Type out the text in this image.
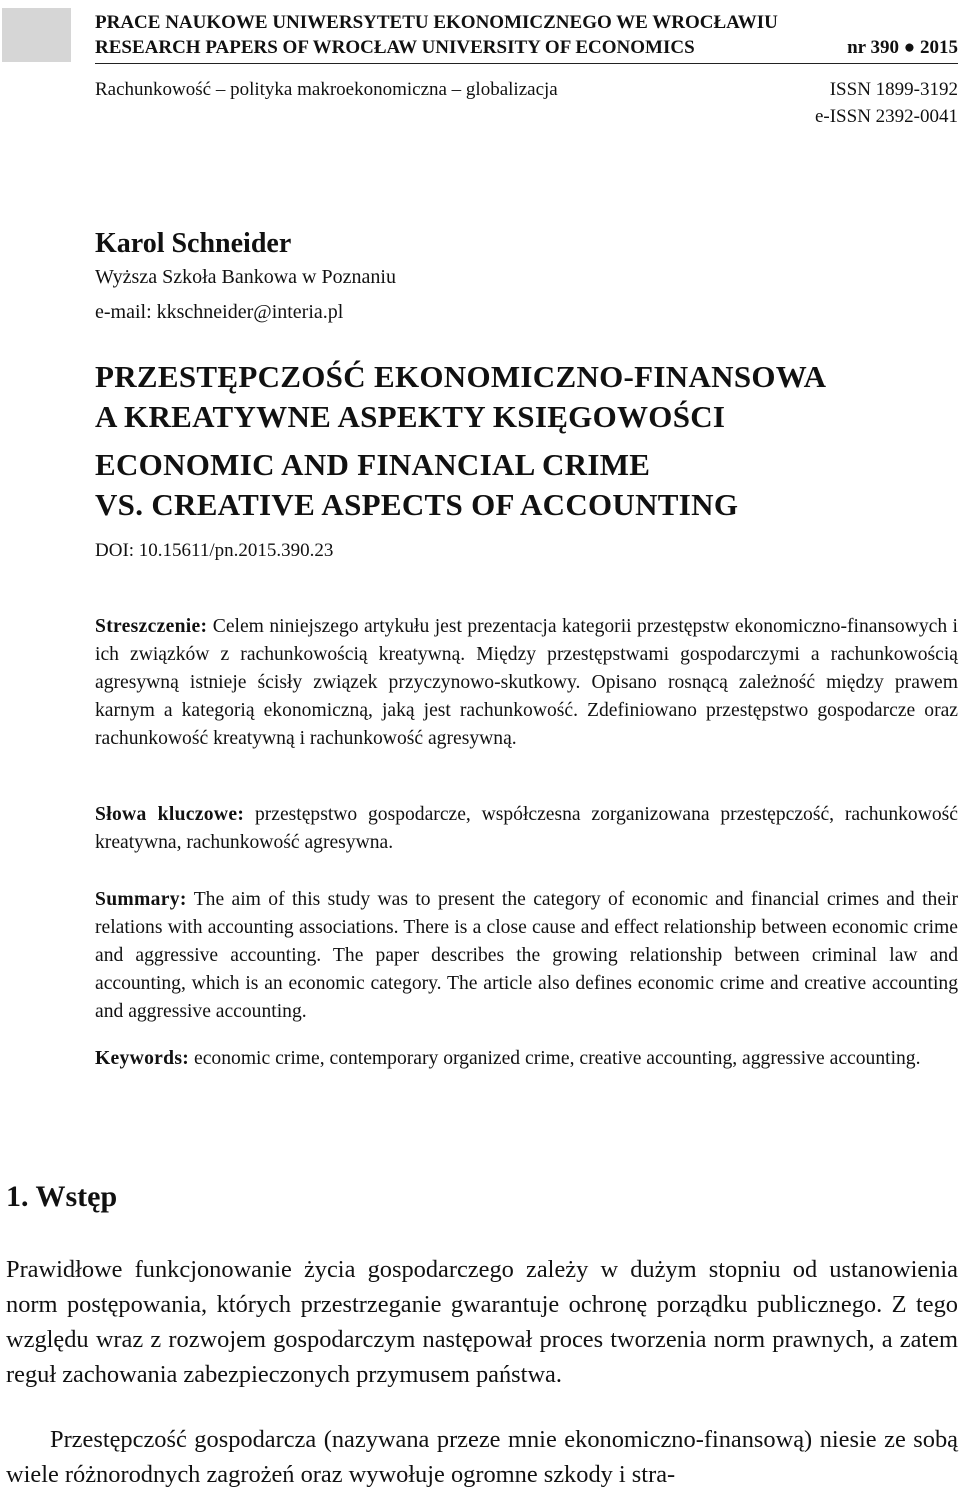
PRACE NAUKOWE UNIWERSYTETU EKONOMICZNEGO WE WROCŁAWIU
RESEARCH PAPERS OF WROCŁAW UNIVERSITY OF ECONOMICS	nr 390 ● 2015
Rachunkowość – polityka makroekonomiczna – globalizacja	ISSN 1899-3192
e-ISSN 2392-0041
Karol Schneider
Wyższa Szkoła Bankowa w Poznaniu
e-mail: kkschneider@interia.pl
PRZESTĘPCZOŚĆ EKONOMICZNO-FINANSOWA
A KREATYWNE ASPEKTY KSIĘGOWOŚCI
ECONOMIC AND FINANCIAL CRIME
VS. CREATIVE ASPECTS OF ACCOUNTING
DOI: 10.15611/pn.2015.390.23
Streszczenie: Celem niniejszego artykułu jest prezentacja kategorii przestępstw ekonomiczno-finansowych i ich związków z rachunkowością kreatywną. Między przestępstwami gospodarczymi a rachunkowością agresywną istnieje ścisły związek przyczynowo-skutkowy. Opisano rosnącą zależność między prawem karnym a kategorią ekonomiczną, jaką jest rachunkowość. Zdefiniowano przestępstwo gospodarcze oraz rachunkowość kreatywną i rachunkowość agresywną.
Słowa kluczowe: przestępstwo gospodarcze, współczesna zorganizowana przestępczość, rachunkowość kreatywna, rachunkowość agresywna.
Summary: The aim of this study was to present the category of economic and financial crimes and their relations with accounting associations. There is a close cause and effect relationship between economic crime and aggressive accounting. The paper describes the growing relationship between criminal law and accounting, which is an economic category. The article also defines economic crime and creative accounting and aggressive accounting.
Keywords: economic crime, contemporary organized crime, creative accounting, aggressive accounting.
1. Wstęp
Prawidłowe funkcjonowanie życia gospodarczego zależy w dużym stopniu od ustanowienia norm postępowania, których przestrzeganie gwarantuje ochronę porządku publicznego. Z tego względu wraz z rozwojem gospodarczym następował proces tworzenia norm prawnych, a zatem reguł zachowania zabezpieczonych przymusem państwa.
Przestępczość gospodarcza (nazywana przeze mnie ekonomiczno-finansową) niesie ze sobą wiele różnorodnych zagrożeń oraz wywołuje ogromne szkody i stra-
